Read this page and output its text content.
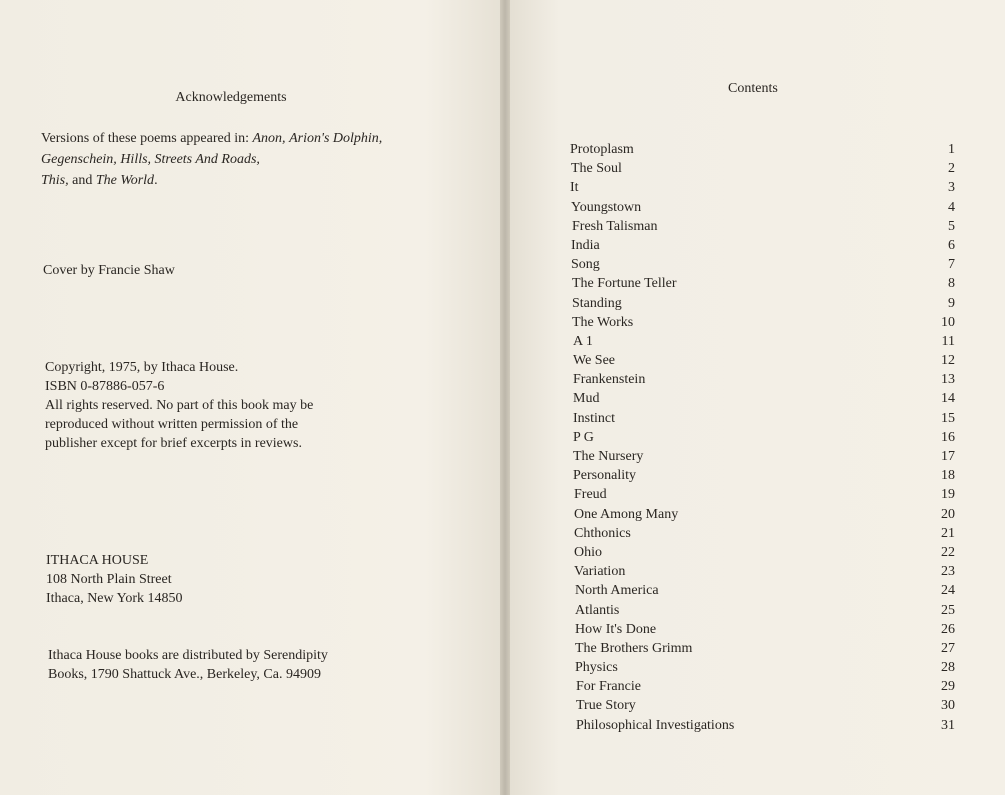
Acknowledgements
Versions of these poems appeared in: Anon, Arion's Dolphin, Gegenschein, Hills, Streets And Roads,
This, and The World.
Cover by Francie Shaw
Copyright, 1975, by Ithaca House.
ISBN 0-87886-057-6
All rights reserved. No part of this book may be
reproduced without written permission of the
publisher except for brief excerpts in reviews.
ITHACA HOUSE
108 North Plain Street
Ithaca, New York 14850
Ithaca House books are distributed by Serendipity
Books, 1790 Shattuck Ave., Berkeley, Ca. 94909
Contents
Protoplasm	1
The Soul	2
It	3
Youngstown	4
Fresh Talisman	5
India	6
Song	7
The Fortune Teller	8
Standing	9
The Works	10
A 1	11
We See	12
Frankenstein	13
Mud	14
Instinct	15
P G	16
The Nursery	17
Personality	18
Freud	19
One Among Many	20
Chthonics	21
Ohio	22
Variation	23
North America	24
Atlantis	25
How It's Done	26
The Brothers Grimm	27
Physics	28
For Francie	29
True Story	30
Philosophical Investigations	31
